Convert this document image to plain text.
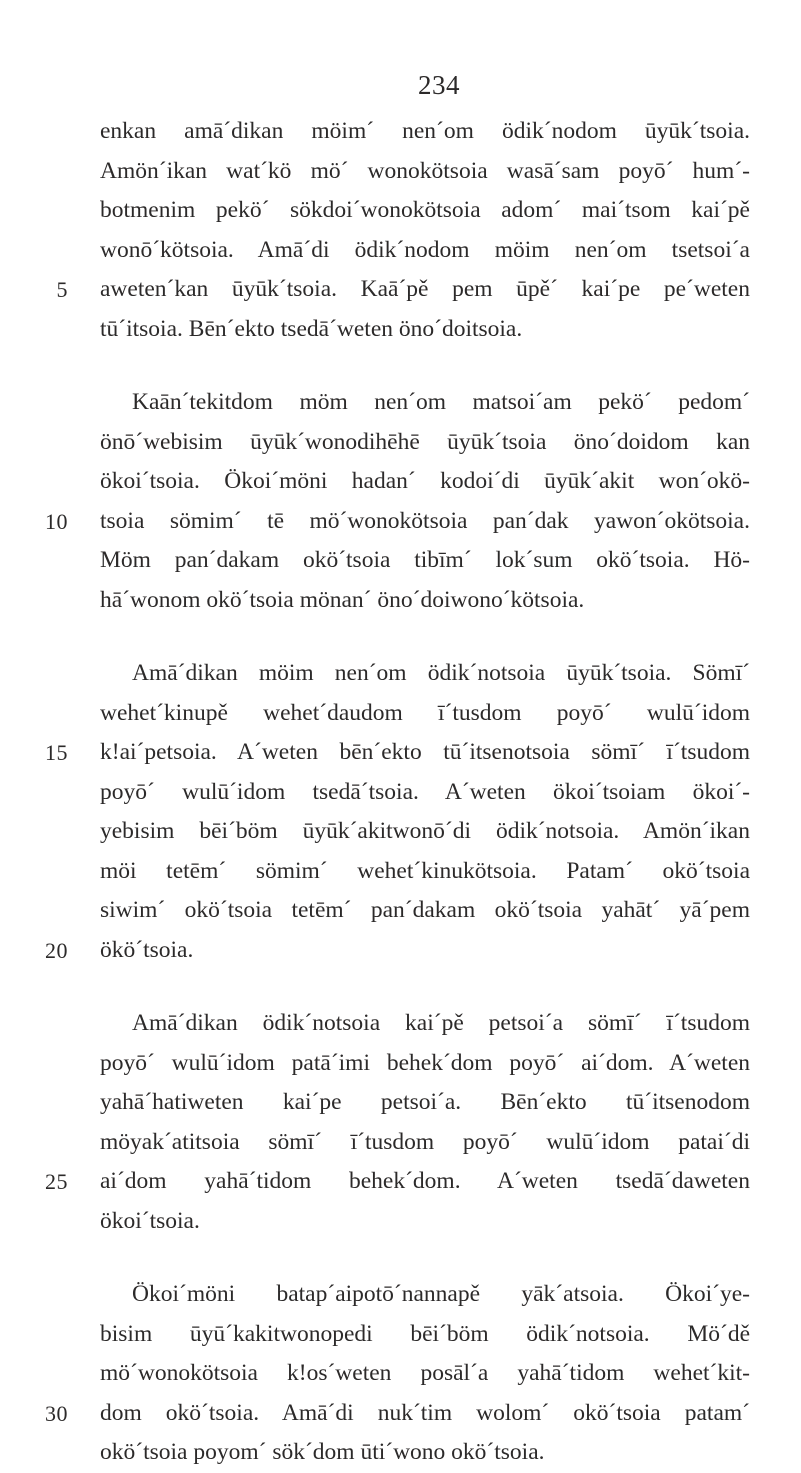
234
enkan amā´dikan möim´ nen´om ödik´nodom ūyūk´tsoia.
Amön´ikan wat´kö mö´ wonokötsoia wasā´sam poyō´ hum´-
botmenim pekö´ sökdoi´wonokötsoia adom´ mai´tsom kai´pě
wonō´kötsoia. Amā´di ödik´nodom möim nen´om tsetsoi´a
aweten´kan ūyūk´tsoia. Kaā´pě pem ūpě´ kai´pe pe´weten
5
tū´itsoia. Bēn´ekto tsedā´weten öno´doitsoia.
Kaān´tekitdom möm nen´om matsoi´am pekö´ pedom´
önō´webisim ūyūk´wonodihēhē ūyūk´tsoia öno´doidom kan
ökoi´tsoia. Ökoi´möni hadan´ kodoi´di ūyūk´akit won´okö-
tsoia sömim´ tē mö´wonokötsoia pan´dak yawon´okötsoia.
10
Möm pan´dakam okö´tsoia tibīm´ lok´sum okö´tsoia. Hö-
hā´wonom okö´tsoia mönan´ öno´doiwono´kötsoia.
Amā´dikan möim nen´om ödik´notsoia ūyūk´tsoia. Sömī´
wehet´kinupě wehet´daudom ī´tusdom poyō´ wulū´idom
k!ai´petsoia. A´weten bēn´ekto tū´itsenotsoia sömī´ ī´tsudom
15
poyō´ wulū´idom tsedā´tsoia. A´weten ökoi´tsoiam ökoi´-
yebisim bēi´böm ūyūk´akitwonō´di ödik´notsoia. Amön´ikan
möi tetēm´ sömim´ wehet´kinukötsoia. Patam´ okö´tsoia
siwim´ okö´tsoia tetēm´ pan´dakam okö´tsoia yahāt´ yā´pem
ökö´tsoia.
20
Amā´dikan ödik´notsoia kai´pě petsoi´a sömī´ ī´tsudom
poyō´ wulū´idom patā´imi behek´dom poyō´ ai´dom. A´weten
yahā´hatiweten kai´pe petsoi´a. Bēn´ekto tū´itsenodom
möyak´atitsoia sömī´ ī´tusdom poyō´ wulū´idom patai´di
ai´dom yahā´tidom behek´dom. A´weten tsedā´daweten
25
ökoi´tsoia.
Ökoi´möni batap´aipotō´nannapě yāk´atsoia. Ökoi´ye-
bisim ūyū´kakitwonopedi bēi´böm ödik´notsoia. Mö´dě
mö´wonokötsoia k!os´weten posāl´a yahā´tidom wehet´kit-
dom okö´tsoia. Amā´di nuk´tim wolom´ okö´tsoia patam´
30
okö´tsoia poyom´ sök´dom ūti´wono okö´tsoia.
